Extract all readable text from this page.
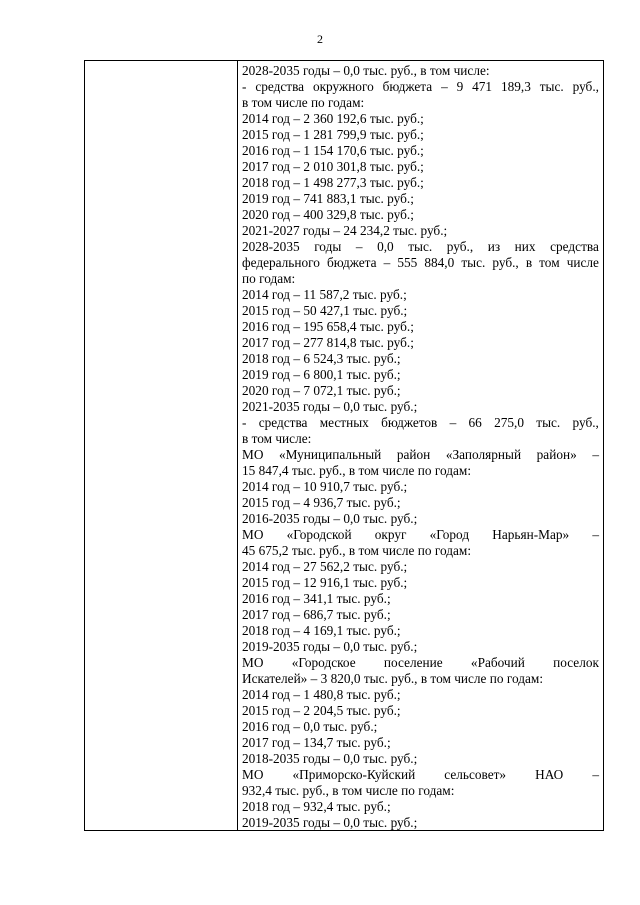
2
2028-2035 годы – 0,0 тыс. руб., в том числе:
- средства окружного бюджета – 9 471 189,3 тыс. руб.,
в том числе по годам:
2014 год – 2 360 192,6 тыс. руб.;
2015 год – 1 281 799,9 тыс. руб.;
2016 год – 1 154 170,6 тыс. руб.;
2017 год – 2 010 301,8 тыс. руб.;
2018 год – 1 498 277,3 тыс. руб.;
2019 год – 741 883,1 тыс. руб.;
2020 год – 400 329,8 тыс. руб.;
2021-2027 годы – 24 234,2 тыс. руб.;
2028-2035 годы – 0,0 тыс. руб., из них средства
федерального бюджета – 555 884,0 тыс. руб., в том числе
по годам:
2014 год – 11 587,2 тыс. руб.;
2015 год – 50 427,1 тыс. руб.;
2016 год – 195 658,4 тыс. руб.;
2017 год – 277 814,8 тыс. руб.;
2018 год – 6 524,3 тыс. руб.;
2019 год – 6 800,1 тыс. руб.;
2020 год – 7 072,1 тыс. руб.;
2021-2035 годы – 0,0 тыс. руб.;
- средства местных бюджетов – 66 275,0 тыс. руб.,
в том числе:
МО «Муниципальный район «Заполярный район» –
15 847,4 тыс. руб., в том числе по годам:
2014 год – 10 910,7 тыс. руб.;
2015 год – 4 936,7 тыс. руб.;
2016-2035 годы – 0,0 тыс. руб.;
МО «Городской округ «Город Нарьян-Мар» –
45 675,2 тыс. руб., в том числе по годам:
2014 год – 27 562,2 тыс. руб.;
2015 год – 12 916,1 тыс. руб.;
2016 год – 341,1 тыс. руб.;
2017 год – 686,7 тыс. руб.;
2018 год – 4 169,1 тыс. руб.;
2019-2035 годы – 0,0 тыс. руб.;
МО «Городское поселение «Рабочий поселок
Искателей» – 3 820,0 тыс. руб., в том числе по годам:
2014 год – 1 480,8 тыс. руб.;
2015 год – 2 204,5 тыс. руб.;
2016 год – 0,0 тыс. руб.;
2017 год – 134,7 тыс. руб.;
2018-2035 годы – 0,0 тыс. руб.;
МО «Приморско-Куйский сельсовет» НАО –
932,4 тыс. руб., в том числе по годам:
2018 год – 932,4 тыс. руб.;
2019-2035 годы – 0,0 тыс. руб.;
